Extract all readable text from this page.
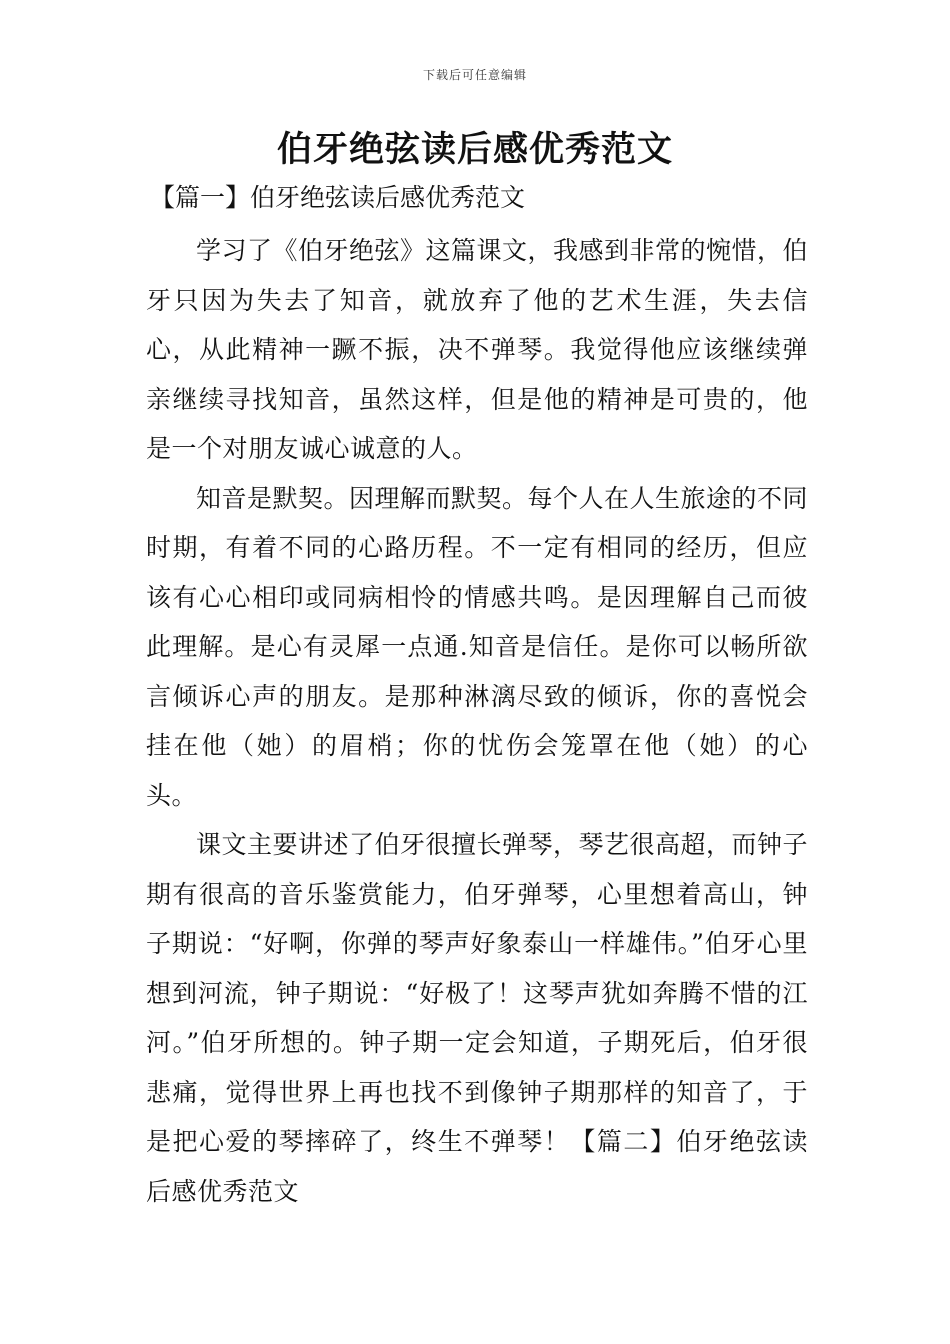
下载后可任意编辑
伯牙绝弦读后感优秀范文
【篇一】伯牙绝弦读后感优秀范文

学习了《伯牙绝弦》这篇课文，我感到非常的惋惜，伯牙只因为失去了知音，就放弃了他的艺术生涯，失去信心，从此精神一蹶不振，决不弹琴。我觉得他应该继续弹亲继续寻找知音，虽然这样，但是他的精神是可贵的，他是一个对朋友诚心诚意的人。

知音是默契。因理解而默契。每个人在人生旅途的不同时期，有着不同的心路历程。不一定有相同的经历，但应该有心心相印或同病相怜的情感共鸣。是因理解自己而彼此理解。是心有灵犀一点通.知音是信任。是你可以畅所欲言倾诉心声的朋友。是那种淋漓尽致的倾诉，你的喜悦会挂在他（她）的眉梢；你的忧伤会笼罩在他（她）的心头。

课文主要讲述了伯牙很擅长弹琴，琴艺很高超，而钟子期有很高的音乐鉴赏能力，伯牙弹琴，心里想着高山，钟子期说：“好啊，你弹的琴声好象泰山一样雄伟。”伯牙心里想到河流，钟子期说：“好极了！这琴声犹如奔腾不惜的江河。”伯牙所想的。钟子期一定会知道，子期死后，伯牙很悲痛，觉得世界上再也找不到像钟子期那样的知音了，于是把心爱的琴摔碎了，终生不弹琴！【篇二】伯牙绝弦读后感优秀范文
